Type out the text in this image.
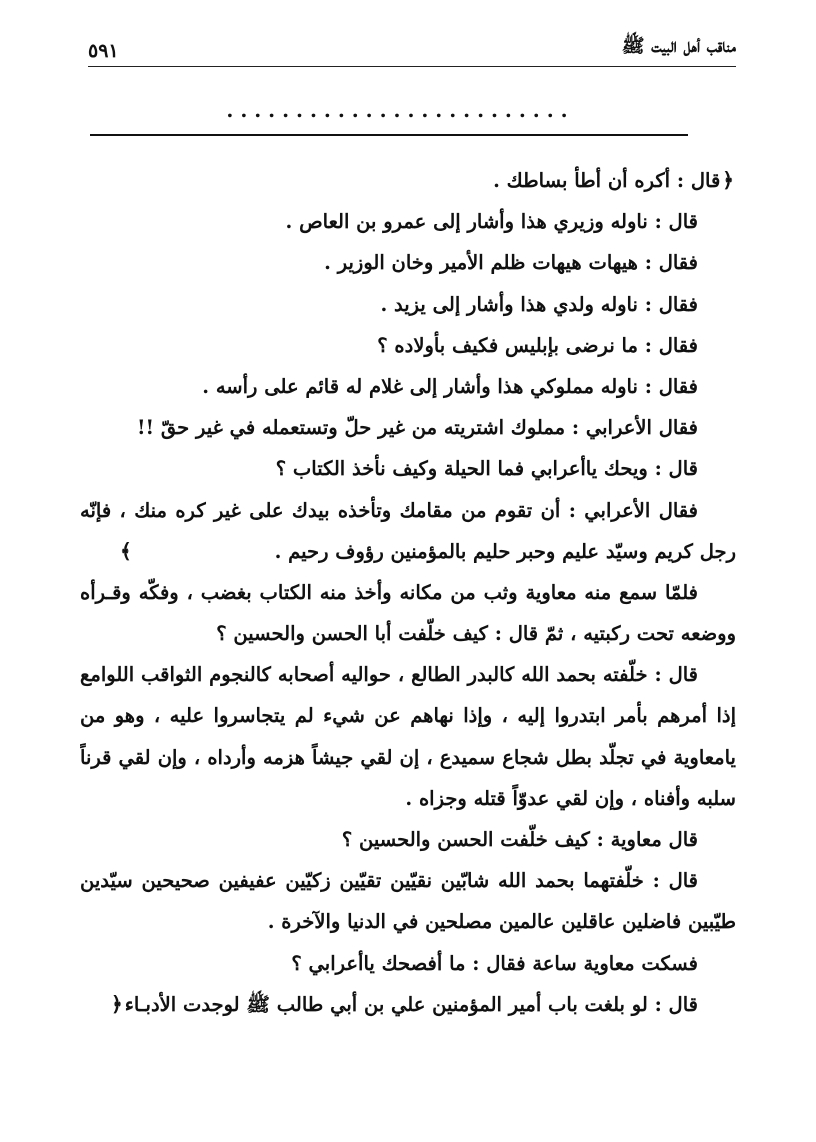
مناقب أهل البيت ﷺ
٥٩١
. . . . . . . . . . . . . . . . . . . . . . . . .
﴿قال : أكره أن أطأ بساطك .
قال : ناوله وزيري هذا وأشار إلى عمرو بن العاص .
فقال : هيهات هيهات ظلم الأمير وخان الوزير .
فقال : ناوله ولدي هذا وأشار إلى يزيد .
فقال : ما نرضى بإبليس فكيف بأولاده ؟
فقال : ناوله مملوكي هذا وأشار إلى غلام له قائم على رأسه .
فقال الأعرابي : مملوك اشتريته من غير حلّ وتستعمله في غير حقّ !!
قال : ويحك ياأعرابي فما الحيلة وكيف نأخذ الكتاب ؟
فقال الأعرابي : أن تقوم من مقامك وتأخذه بيدك على غير كره منك ، فإنّه
رجل كريم وسيّد عليم وحبر حليم بالمؤمنين رؤوف رحيم .
﴾
فلمّا سمع منه معاوية وثب من مكانه وأخذ منه الكتاب بغضب ، وفكّه وقـرأه
ووضعه تحت ركبتيه ، ثمّ قال : كيف خلّفت أبا الحسن والحسين ؟
قال : خلّفته بحمد الله كالبدر الطالع ، حواليه أصحابه كالنجوم الثواقب اللوامع
إذا أمرهم بأمر ابتدروا إليه ، وإذا نهاهم عن شيء لم يتجاسروا عليه ، وهو من
يامعاوية في تجلّد بطل شجاع سميدع ، إن لقي جيشاً هزمه وأرداه ، وإن لقي قرناً
سلبه وأفناه ، وإن لقي عدوّاً قتله وجزاه .
قال معاوية : كيف خلّفت الحسن والحسين ؟
قال : خلّفتهما بحمد الله شابّين نقيّين تقيّين زكيّين عفيفين صحيحين سيّدين
طيّبين فاضلين عاقلين عالمين مصلحين في الدنيا والآخرة .
فسكت معاوية ساعة فقال : ما أفصحك ياأعرابي ؟
قال : لو بلغت باب أمير المؤمنين علي بن أبي طالب ﷺ لوجدت الأدبـاء﴿
